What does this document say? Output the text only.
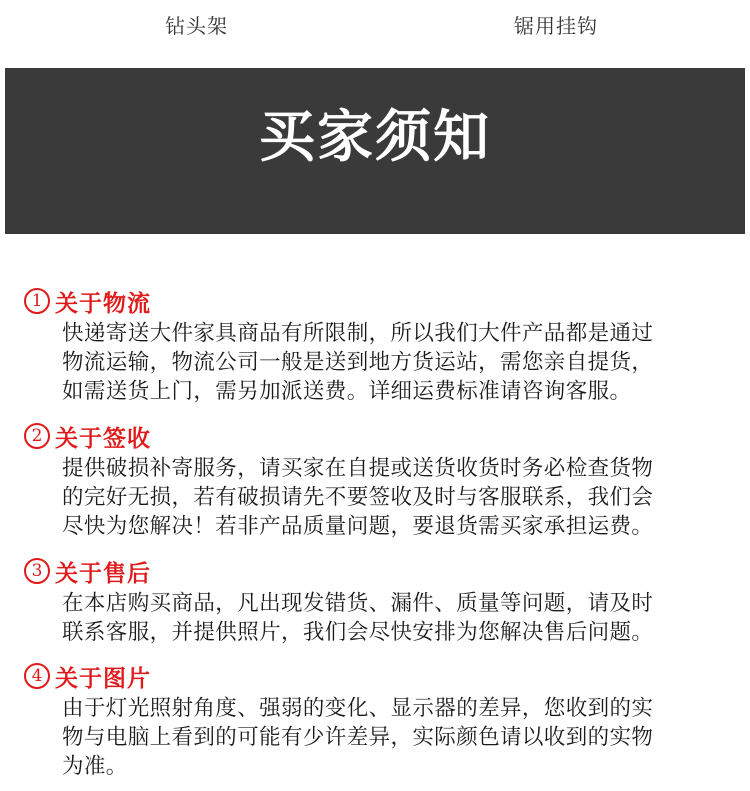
钻头架	锯用挂钩
买家须知
1 关于物流
快递寄送大件家具商品有所限制，所以我们大件产品都是通过
物流运输，物流公司一般是送到地方货运站，需您亲自提货，
如需送货上门，需另加派送费。详细运费标准请咨询客服。
2 关于签收
提供破损补寄服务，请买家在自提或送货收货时务必检查货物
的完好无损，若有破损请先不要签收及时与客服联系，我们会
尽快为您解决！若非产品质量问题，要退货需买家承担运费。
3 关于售后
在本店购买商品，凡出现发错货、漏件、质量等问题，请及时
联系客服，并提供照片，我们会尽快安排为您解决售后问题。
4 关于图片
由于灯光照射角度、强弱的变化、显示器的差异，您收到的实
物与电脑上看到的可能有少许差异，实际颜色请以收到的实物
为准。
